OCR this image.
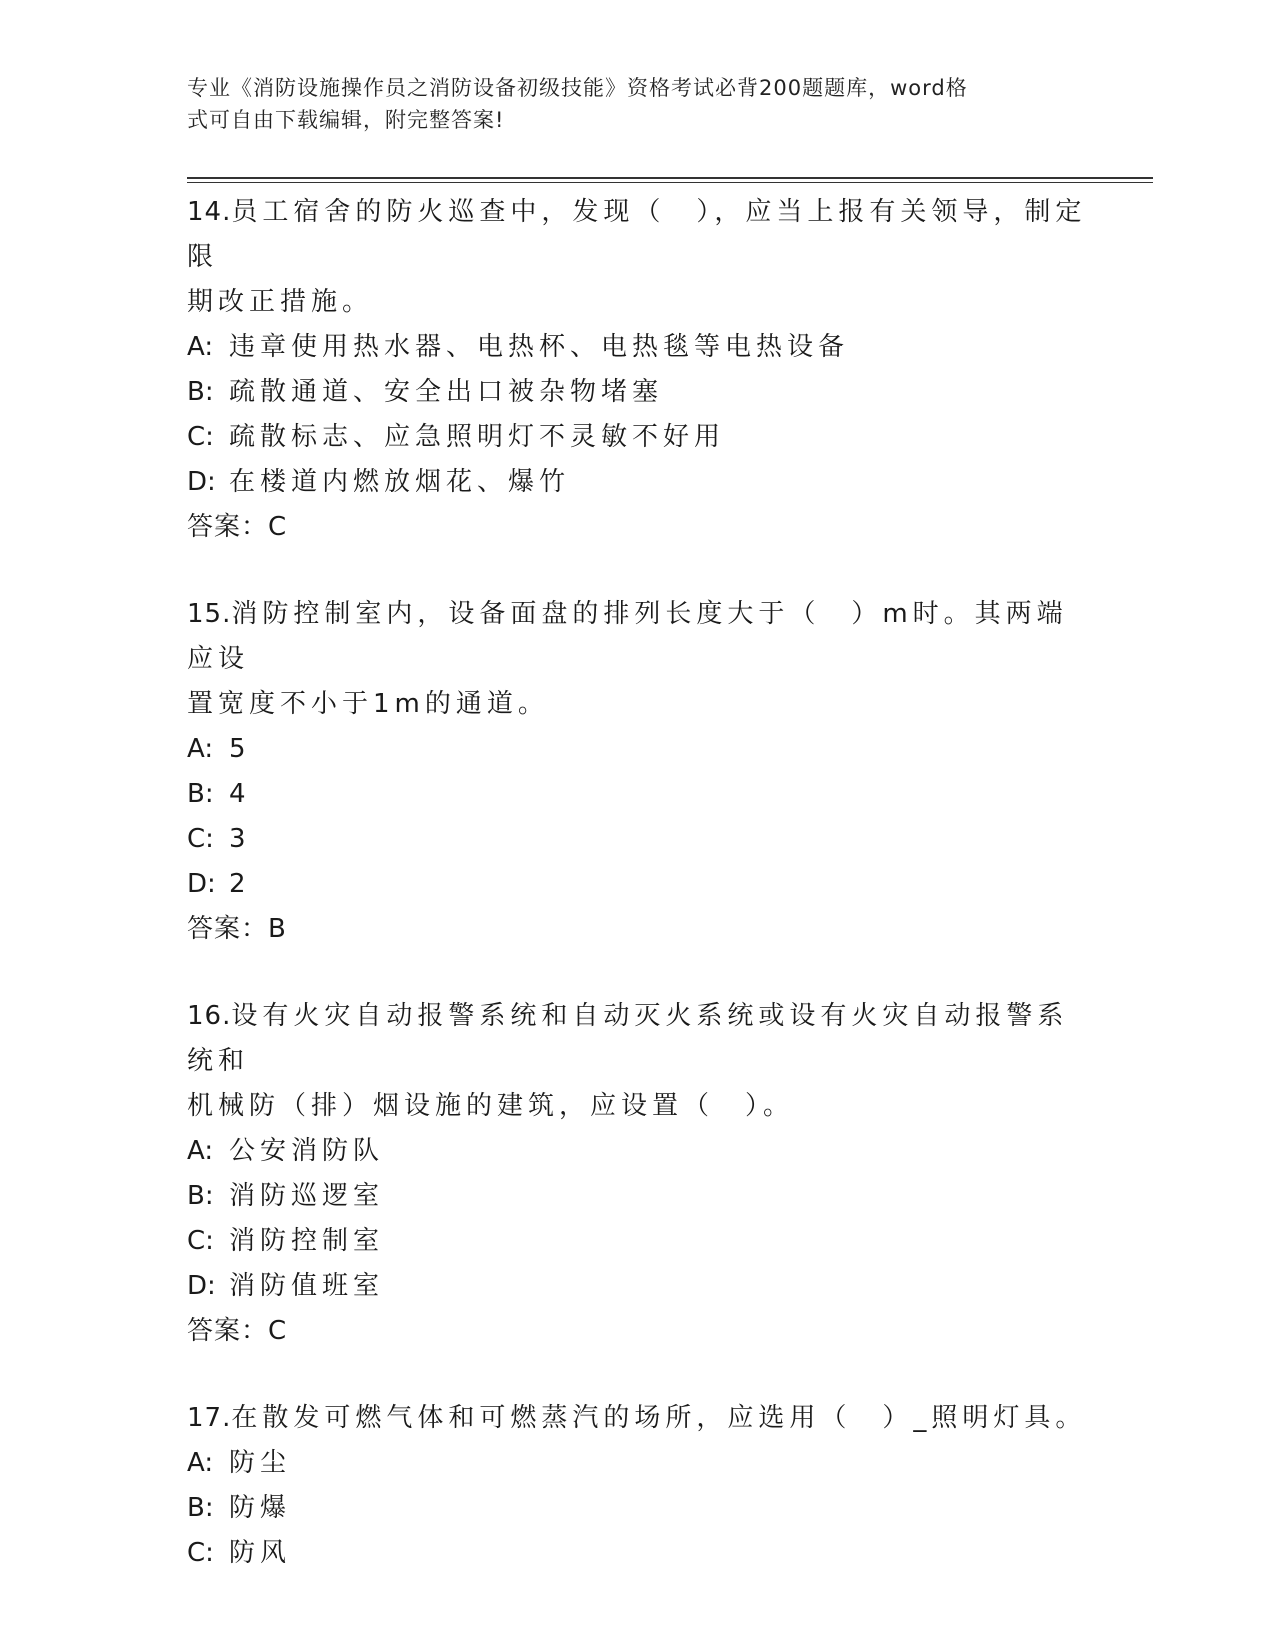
专业《消防设施操作员之消防设备初级技能》资格考试必背200题题库，word格
式可自由下载编辑，附完整答案!

14.员工宿舍的防火巡查中，发现（　），应当上报有关领导，制定限

期改正措施。

A: 违章使用热水器、电热杯、电热毯等电热设备

B: 疏散通道、安全出口被杂物堵塞

C: 疏散标志、应急照明灯不灵敏不好用

D: 在楼道内燃放烟花、爆竹

答案：C

15.消防控制室内，设备面盘的排列长度大于（　）m时。其两端应设

置宽度不小于1m的通道。

A: 5

B: 4

C: 3

D: 2

答案：B

16.设有火灾自动报警系统和自动灭火系统或设有火灾自动报警系统和

机械防（排）烟设施的建筑，应设置（　）。

A: 公安消防队

B: 消防巡逻室

C: 消防控制室

D: 消防值班室

答案：C

17.在散发可燃气体和可燃蒸汽的场所，应选用（　）_照明灯具。

A: 防尘

B: 防爆

C: 防风
